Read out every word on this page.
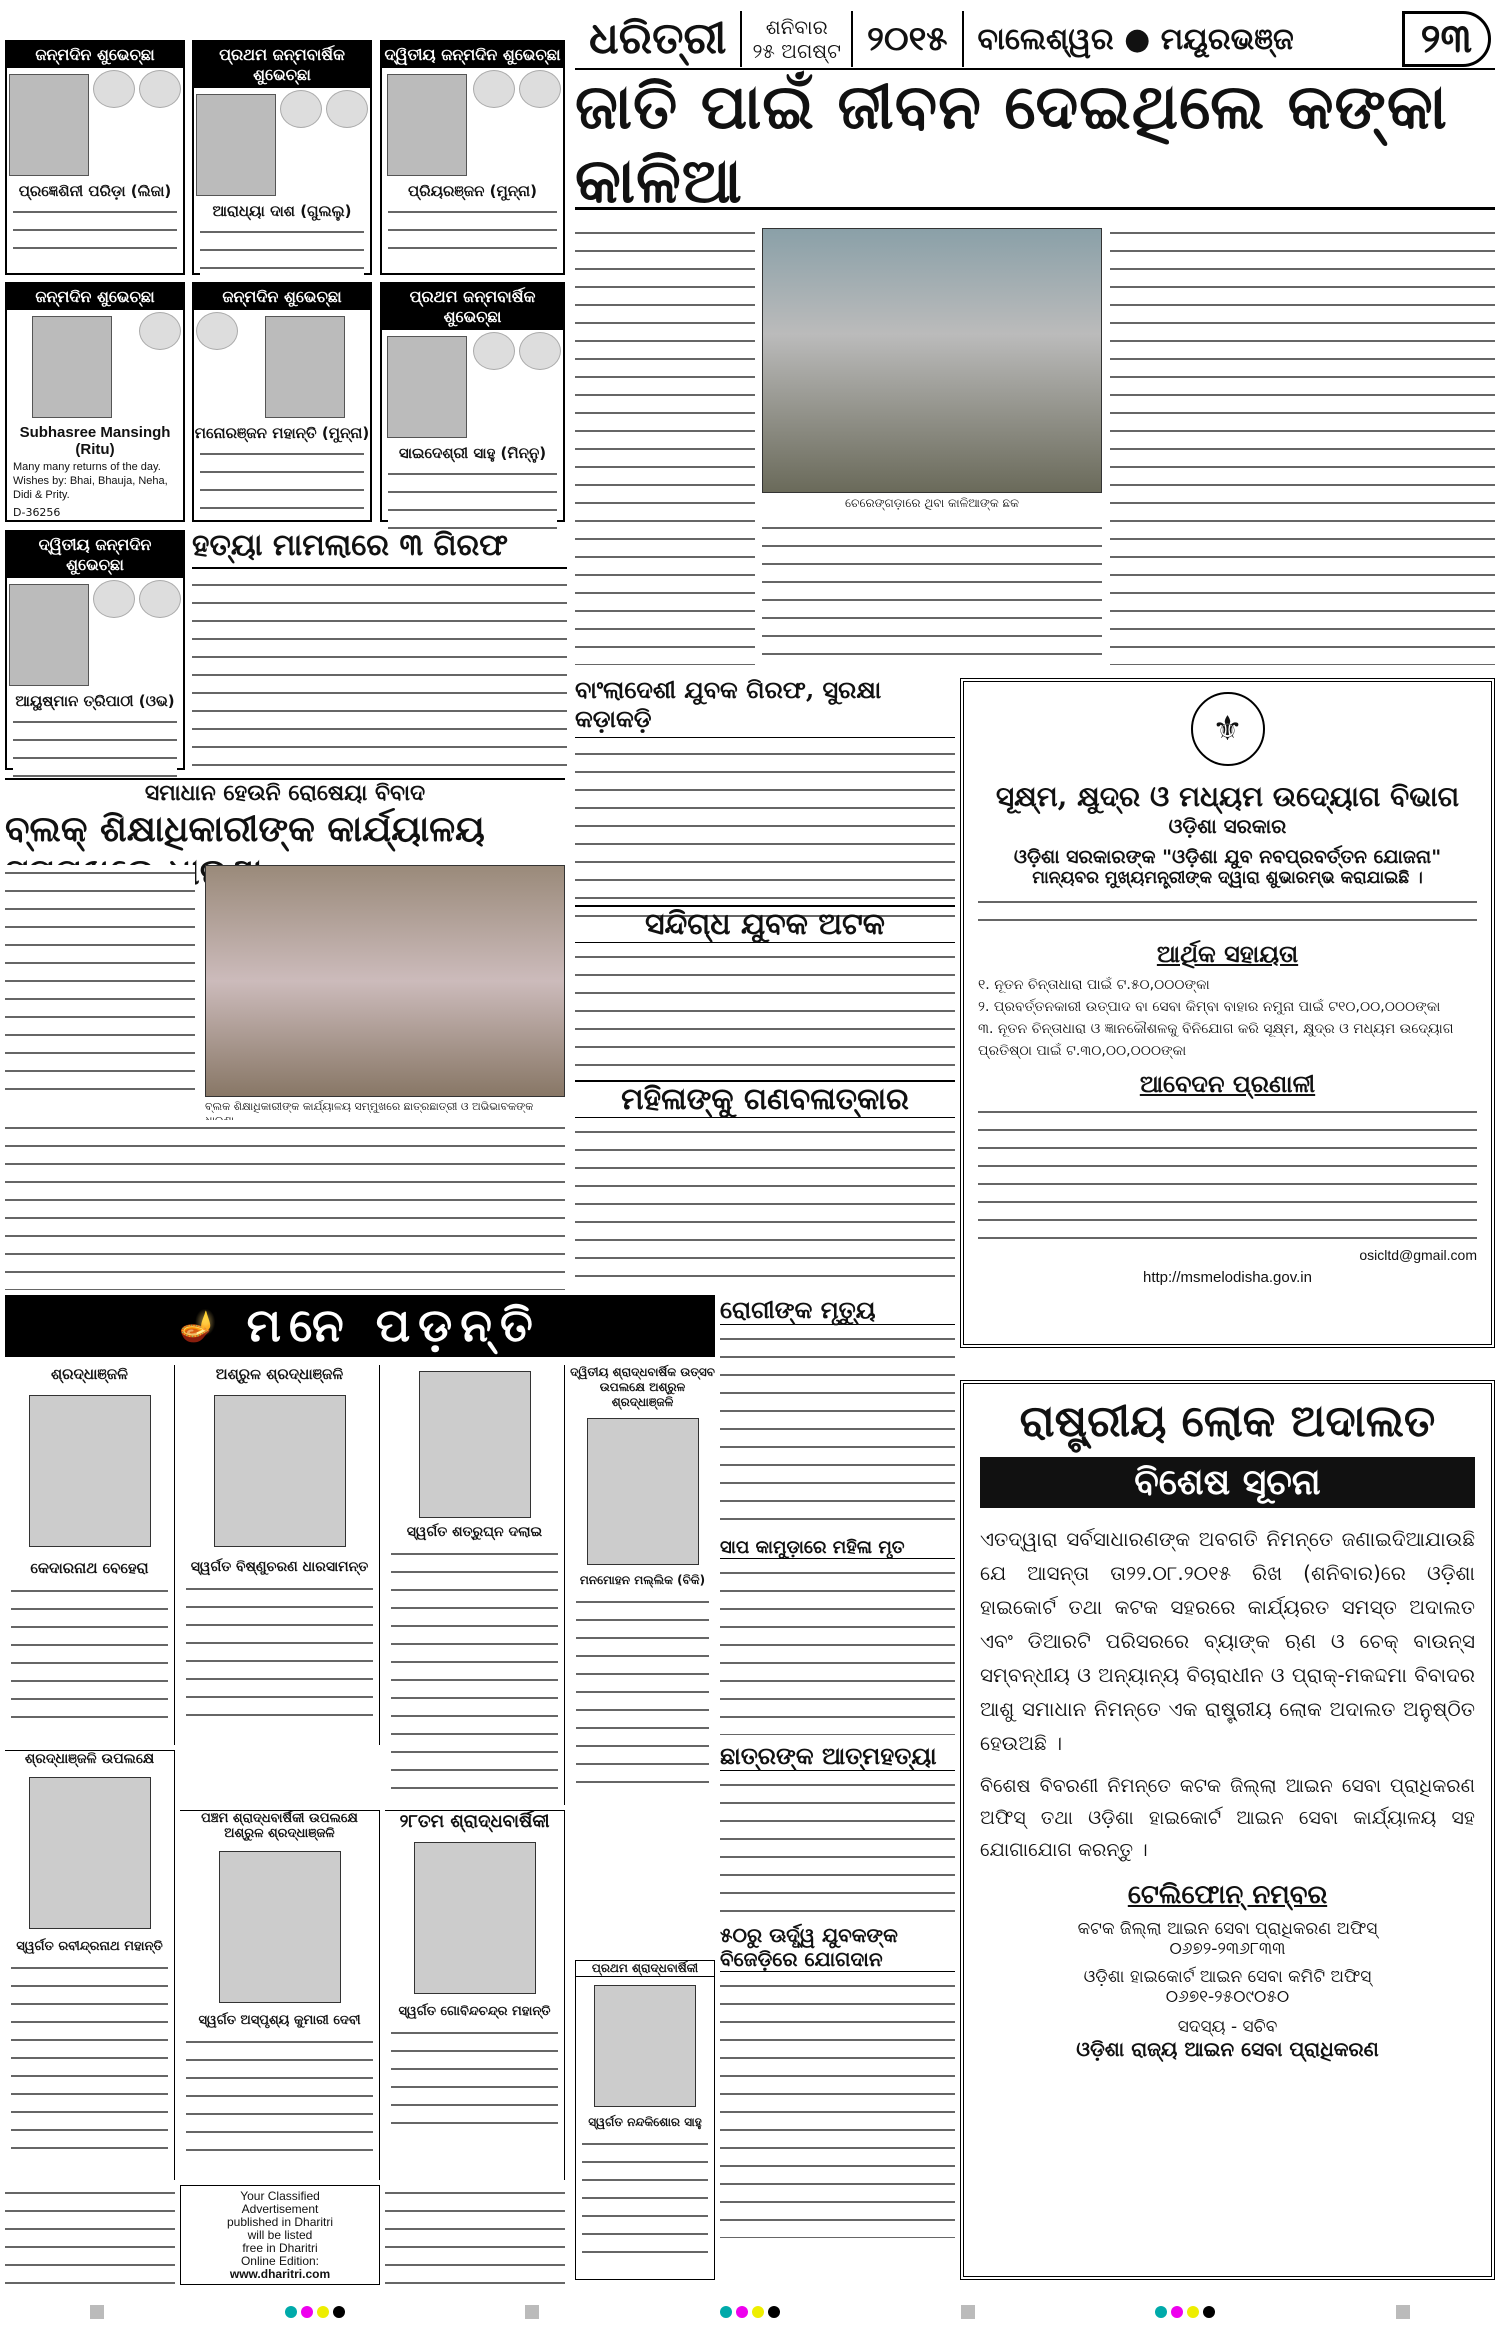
ଧରିତ୍ରୀ	ଶନିବାର
୨୫ ଅଗଷ୍ଟ ୨୦୧୫	ବାଲେଶ୍ୱର ● ମୟୂରଭଞ୍ଜ	୨୩
ଜନ୍ମଦିନ ଶୁଭେଚ୍ଛା
ପ୍ରଜ୍ଞେଶିନୀ ପରିଡ଼ା (ଲିଜା)
ପ୍ରଥମ ଜନ୍ମବାର୍ଷିକ ଶୁଭେଚ୍ଛା
ଆରାଧ୍ୟା ଦାଶ (ଗୁଲଲୁ)
ଦ୍ୱିତୀୟ ଜନ୍ମଦିନ ଶୁଭେଚ୍ଛା
ପ୍ରିୟରଞ୍ଜନ (ମୁନ୍ନା)
ଜନ୍ମଦିନ ଶୁଭେଚ୍ଛା
Subhasree Mansingh (Ritu)
Many many returns of the day. Wishes by: Bhai, Bhaujа, Neha, Didi & Prity.
D-36256
ଜନ୍ମଦିନ ଶୁଭେଚ୍ଛା
ମନୋରଞ୍ଜନ ମହାନ୍ତି (ମୁନ୍ନା)
ପ୍ରଥମ ଜନ୍ମବାର୍ଷିକ ଶୁଭେଚ୍ଛା
ସାଇଦେଶ୍ରୀ ସାହୁ (ମିନ୍ନୁ)
ଦ୍ୱିତୀୟ ଜନ୍ମଦିନ ଶୁଭେଚ୍ଛା
ଆୟୁଷ୍ମାନ ତ୍ରିପାଠୀ (ଓଭ)
ହତ୍ୟା ମାମଲାରେ ୩ ଗିରଫ
ଜାତି ପାଇଁ ଜୀବନ ଦେଇଥିଲେ କଙ୍କା କାଳିଆ
ଚେରେଙ୍ଗଡ଼ାରେ ଥିବା କାଳିଆଙ୍କ ଛକ
ବାଂଲାଦେଶୀ ଯୁବକ ଗିରଫ, ସୁରକ୍ଷା କଡ଼ାକଡ଼ି
ସମାଧାନ ହେଉନି ରୋଷେୟା ବିବାଦ
ବ୍ଲକ୍ ଶିକ୍ଷାଧିକାରୀଙ୍କ କାର୍ଯ୍ୟାଳୟ
ବ୍ଲକ ଶିକ୍ଷାଧିକାରୀଙ୍କ କାର୍ଯ୍ୟାଳୟ ସମ୍ମୁଖରେ ଛାତ୍ରଛାତ୍ରୀ ଓ ଅଭିଭାବକଙ୍କ
ସନ୍ଦିଗ୍ଧ ଯୁବକ ଅଟକ
ମହିଳାଙ୍କୁ ଗଣବଳାତ୍କାର
⚜
ସୂକ୍ଷ୍ମ, କ୍ଷୁଦ୍ର ଓ ମଧ୍ୟମ ଉଦ୍ୟୋଗ ବିଭାଗ
ଓଡ଼ିଶା ସରକାର
ଓଡ଼ିଶା ସରକାରଙ୍କ "ଓଡ଼ିଶା ଯୁବ ନବପ୍ରବର୍ତ୍ତନ ଯୋଜନା"
ମାନ୍ୟବର ମୁଖ୍ୟମନ୍ତ୍ରୀଙ୍କ ଦ୍ୱାରା ଶୁଭାରମ୍ଭ କରାଯାଇଛି ।
ଆର୍ଥିକ ସହାୟତା
୧. ନୂତନ ଚିନ୍ତାଧାରା ପାଇଁ ଟ.୫୦,୦୦୦ଙ୍କା
୨. ପ୍ରବର୍ତ୍ତନକାରୀ ଉତ୍ପାଦ ବା ସେବା କିମ୍ବା ବାହାର ନମୁନା ପାଇଁ ଟ୧୦,୦୦,୦୦୦ଙ୍କା
୩. ନୂତନ ଚିନ୍ତାଧାରା ଓ ଜ୍ଞାନକୌଶଳକୁ ବିନିଯୋଗ କରି ସୂକ୍ଷ୍ମ, କ୍ଷୁଦ୍ର ଓ ମଧ୍ୟମ ଉଦ୍ୟୋଗ ପ୍ରତିଷ୍ଠା ପାଇଁ ଟ.୩୦,୦୦,୦୦୦ଙ୍କା
ଆବେଦନ ପ୍ରଣାଳୀ
osicltd@gmail.com
http://msmelodisha.gov.in
🪔 ମନେ ପଡ଼ନ୍ତି
ଶ୍ରଦ୍ଧାଞ୍ଜଳି
କେଦାରନାଥ ବେହେରା
ଅଶ୍ରୁଳ ଶ୍ରଦ୍ଧାଞ୍ଜଳି
ସ୍ୱର୍ଗତ ବିଷ୍ଣୁଚରଣ ଧାରସାମନ୍ତ
ସ୍ୱର୍ଗତ ଶତ୍ରୁଘ୍ନ ଦଲାଇ
ଦ୍ୱିତୀୟ ଶ୍ରାଦ୍ଧବାର୍ଷିକ ଉତ୍ସବ ଉପଲକ୍ଷେ ଅଶ୍ରୁଳ ଶ୍ରଦ୍ଧାଞ୍ଜଳି
ମନମୋହନ ମଲ୍ଲିକ (ବିକି)
ଶ୍ରଦ୍ଧାଞ୍ଜଳି ଉପଲକ୍ଷେ
ସ୍ୱର୍ଗତ ରବୀନ୍ଦ୍ରନାଥ ମହାନ୍ତି
ପଞ୍ଚମ ଶ୍ରାଦ୍ଧବାର୍ଷିକୀ ଉପଲକ୍ଷେ ଅଶ୍ରୁଳ ଶ୍ରଦ୍ଧାଞ୍ଜଳି
ସ୍ୱର୍ଗତ ଅସ୍ପୃଶ୍ୟ କୁମାରୀ ଦେବୀ
୨୮ତମ ଶ୍ରାଦ୍ଧବାର୍ଷିକୀ
ସ୍ୱର୍ଗତ ଗୋବିନ୍ଦଚନ୍ଦ୍ର ମହାନ୍ତି
Your Classified
Advertisement
published in Dharitri
will be listed
free in Dharitri
Online Edition:
www.dharitri.com
ରୋଗୀଙ୍କ ମୃତ୍ୟୁ
ସାପ କାମୁଡ଼ାରେ ମହିଳା ମୃତ
ଛାତ୍ରଙ୍କ ଆତ୍ମହତ୍ୟା
୫୦ରୁ ଊର୍ଦ୍ଧ୍ୱ ଯୁବକଙ୍କ ବିଜେଡ଼ିରେ ଯୋଗଦାନ
ପ୍ରଥମ ଶ୍ରାଦ୍ଧବାର୍ଷିକୀ
ସ୍ୱର୍ଗତ ନନ୍ଦକିଶୋର ସାହୁ
ରାଷ୍ଟ୍ରୀୟ ଲୋକ ଅଦାଲତ
ବିଶେଷ ସୂଚନା
ଏତଦ୍ୱାରା ସର୍ବସାଧାରଣଙ୍କ ଅବଗତି ନିମନ୍ତେ ଜଣାଇଦିଆଯାଉଛି ଯେ ଆସନ୍ତା ତା୨୨.୦୮.୨୦୧୫ ରିଖ (ଶନିବାର)ରେ ଓଡ଼ିଶା ହାଇକୋର୍ଟ ତଥା କଟକ ସହରରେ କାର୍ଯ୍ୟରତ ସମସ୍ତ ଅଦାଲତ ଏବଂ ଡିଆରଟି ପରିସରରେ ବ୍ୟାଙ୍କ ଋଣ ଓ ଚେକ୍ ବାଉନ୍ସ ସମ୍ବନ୍ଧୀୟ ଓ ଅନ୍ୟାନ୍ୟ ବିଚାରାଧୀନ ଓ ପ୍ରାକ୍-ମକଦ୍ଦମା ବିବାଦର ଆଶୁ ସମାଧାନ ନିମନ୍ତେ ଏକ ରାଷ୍ଟ୍ରୀୟ ଲୋକ ଅଦାଲତ ଅନୁଷ୍ଠିତ ହେଉଅଛି ।
ବିଶେଷ ବିବରଣୀ ନିମନ୍ତେ କଟକ ଜିଲ୍ଲା ଆଇନ ସେବା ପ୍ରାଧିକରଣ ଅଫିସ୍ ତଥା ଓଡ଼ିଶା ହାଇକୋର୍ଟ ଆଇନ ସେବା କାର୍ଯ୍ୟାଳୟ ସହ ଯୋଗାଯୋଗ କରନ୍ତୁ ।
ଟେଲିଫୋନ୍ ନମ୍ବର
କଟକ ଜିଲ୍ଲା ଆଇନ ସେବା ପ୍ରାଧିକରଣ ଅଫିସ୍
୦୬୭୨-୨୩୬୮୩୩
ଓଡ଼ିଶା ହାଇକୋର୍ଟ ଆଇନ ସେବା କମିଟି ଅଫିସ୍
୦୬୭୧-୨୫୦୯୦୫୦
ସଦସ୍ୟ - ସଚିବ
ଓଡ଼ିଶା ରାଜ୍ୟ ଆଇନ ସେବା ପ୍ରାଧିକରଣ
